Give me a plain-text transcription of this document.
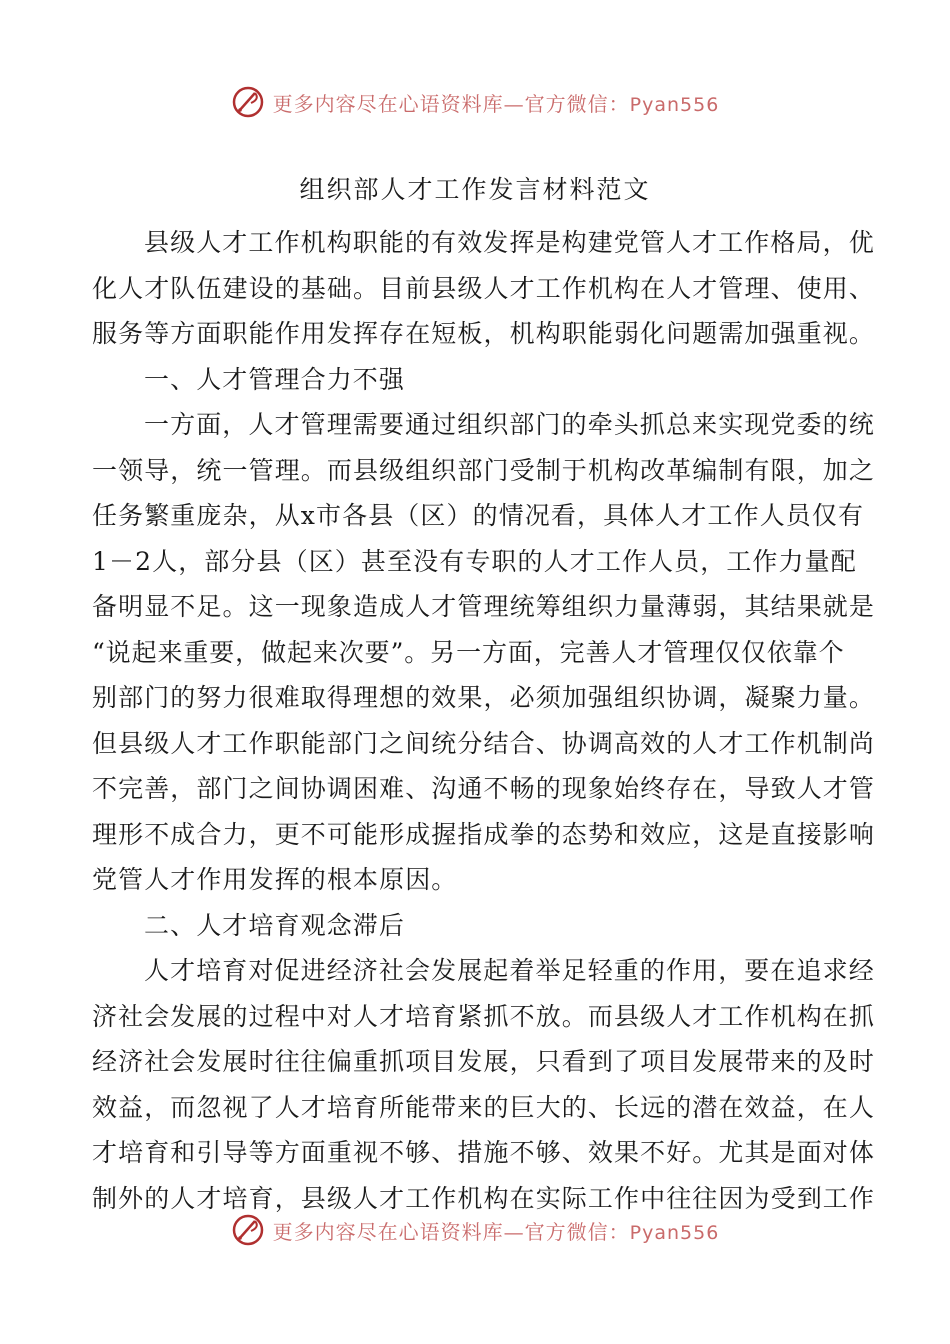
更多内容尽在心语资料库—官方微信：Pyan556
组织部人才工作发言材料范文
县级人才工作机构职能的有效发挥是构建党管人才工作格局，优
化人才队伍建设的基础。目前县级人才工作机构在人才管理、使用、
服务等方面职能作用发挥存在短板，机构职能弱化问题需加强重视。
一、人才管理合力不强
一方面，人才管理需要通过组织部门的牵头抓总来实现党委的统
一领导，统一管理。而县级组织部门受制于机构改革编制有限，加之
任务繁重庞杂，从x市各县（区）的情况看，具体人才工作人员仅有
1－2人，部分县（区）甚至没有专职的人才工作人员，工作力量配
备明显不足。这一现象造成人才管理统筹组织力量薄弱，其结果就是
“说起来重要，做起来次要”。另一方面，完善人才管理仅仅依靠个
别部门的努力很难取得理想的效果，必须加强组织协调，凝聚力量。
但县级人才工作职能部门之间统分结合、协调高效的人才工作机制尚
不完善，部门之间协调困难、沟通不畅的现象始终存在，导致人才管
理形不成合力，更不可能形成握指成拳的态势和效应，这是直接影响
党管人才作用发挥的根本原因。
二、人才培育观念滞后
人才培育对促进经济社会发展起着举足轻重的作用，要在追求经
济社会发展的过程中对人才培育紧抓不放。而县级人才工作机构在抓
经济社会发展时往往偏重抓项目发展，只看到了项目发展带来的及时
效益，而忽视了人才培育所能带来的巨大的、长远的潜在效益，在人
才培育和引导等方面重视不够、措施不够、效果不好。尤其是面对体
制外的人才培育，县级人才工作机构在实际工作中往往因为受到工作
更多内容尽在心语资料库—官方微信：Pyan556
